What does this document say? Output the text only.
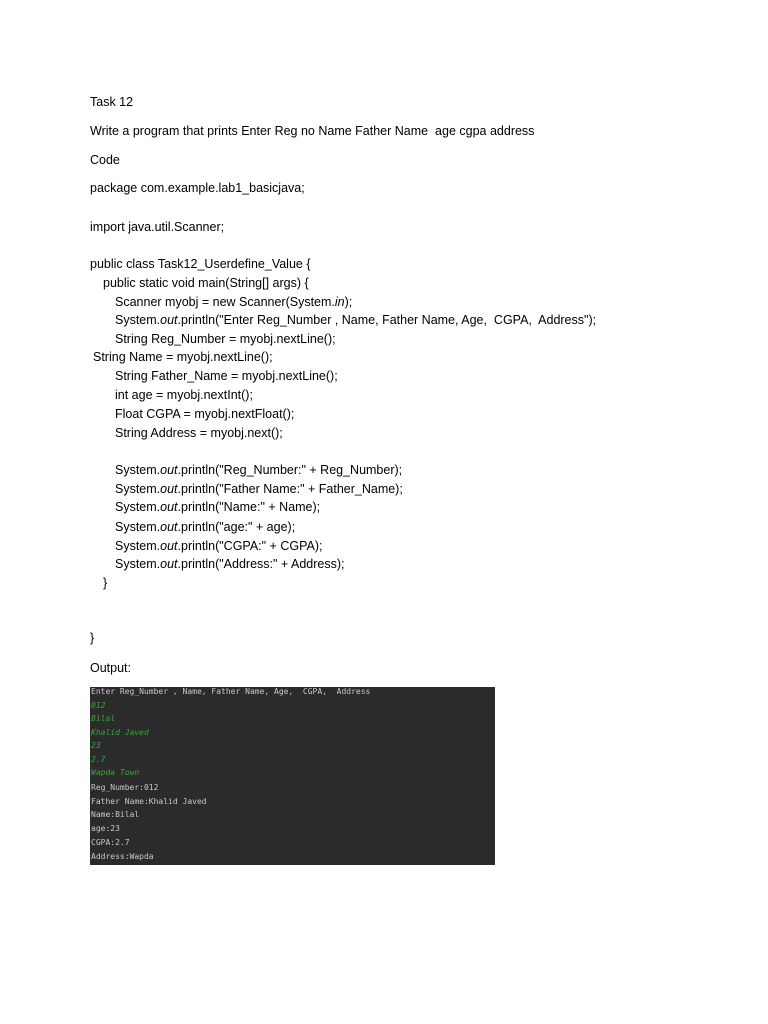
Task 12
Write a program that prints Enter Reg no Name Father Name  age cgpa address
Code
package com.example.lab1_basicjava;
import java.util.Scanner;
public class Task12_Userdefine_Value {
public static void main(String[] args) {
Scanner myobj = new Scanner(System.in);
System.out.println("Enter Reg_Number , Name, Father Name, Age,  CGPA,  Address");
String Reg_Number = myobj.nextLine();
String Name = myobj.nextLine();
String Father_Name = myobj.nextLine();
int age = myobj.nextInt();
Float CGPA = myobj.nextFloat();
String Address = myobj.next();
System.out.println("Reg_Number:" + Reg_Number);
System.out.println("Father Name:" + Father_Name);
System.out.println("Name:" + Name);
System.out.println("age:" + age);
System.out.println("CGPA:" + CGPA);
System.out.println("Address:" + Address);
}
}
Output:
Enter Reg_Number , Name, Father Name, Age,  CGPA,  Address
012
Bilal
Khalid Javed
23
2.7
Wapda Town
Reg_Number:012
Father Name:Khalid Javed
Name:Bilal
age:23
CGPA:2.7
Address:Wapda
